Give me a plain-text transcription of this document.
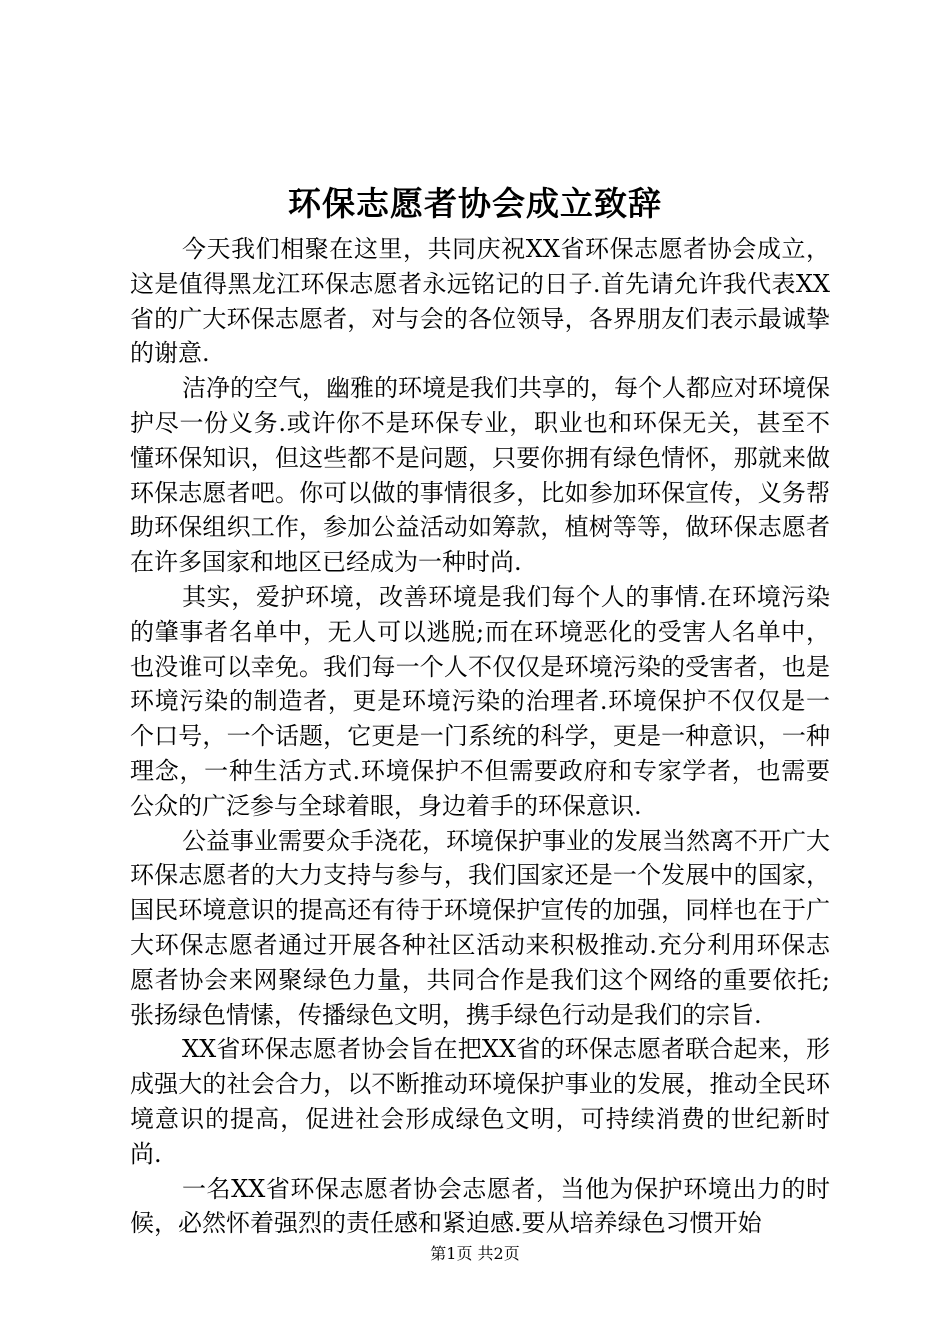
环保志愿者协会成立致辞

今天我们相聚在这里，共同庆祝XX省环保志愿者协会成立，这是值得黑龙江环保志愿者永远铭记的日子.首先请允许我代表XX省的广大环保志愿者，对与会的各位领导，各界朋友们表示最诚挚的谢意.

洁净的空气，幽雅的环境是我们共享的，每个人都应对环境保护尽一份义务.或许你不是环保专业，职业也和环保无关，甚至不懂环保知识，但这些都不是问题，只要你拥有绿色情怀，那就来做环保志愿者吧。你可以做的事情很多，比如参加环保宣传，义务帮助环保组织工作，参加公益活动如筹款，植树等等，做环保志愿者在许多国家和地区已经成为一种时尚.

其实，爱护环境，改善环境是我们每个人的事情.在环境污染的肇事者名单中，无人可以逃脱;而在环境恶化的受害人名单中，也没谁可以幸免。我们每一个人不仅仅是环境污染的受害者，也是环境污染的制造者，更是环境污染的治理者.环境保护不仅仅是一个口号，一个话题，它更是一门系统的科学，更是一种意识，一种理念，一种生活方式.环境保护不但需要政府和专家学者，也需要公众的广泛参与全球着眼，身边着手的环保意识.

公益事业需要众手浇花，环境保护事业的发展当然离不开广大环保志愿者的大力支持与参与，我们国家还是一个发展中的国家，国民环境意识的提高还有待于环境保护宣传的加强，同样也在于广大环保志愿者通过开展各种社区活动来积极推动.充分利用环保志愿者协会来网聚绿色力量，共同合作是我们这个网络的重要依托;张扬绿色情愫，传播绿色文明，携手绿色行动是我们的宗旨.

XX省环保志愿者协会旨在把XX省的环保志愿者联合起来，形成强大的社会合力，以不断推动环境保护事业的发展，推动全民环境意识的提高，促进社会形成绿色文明，可持续消费的世纪新时尚.

一名XX省环保志愿者协会志愿者，当他为保护环境出力的时候，必然怀着强烈的责任感和紧迫感.要从培养绿色习惯开始

第1页 共2页
